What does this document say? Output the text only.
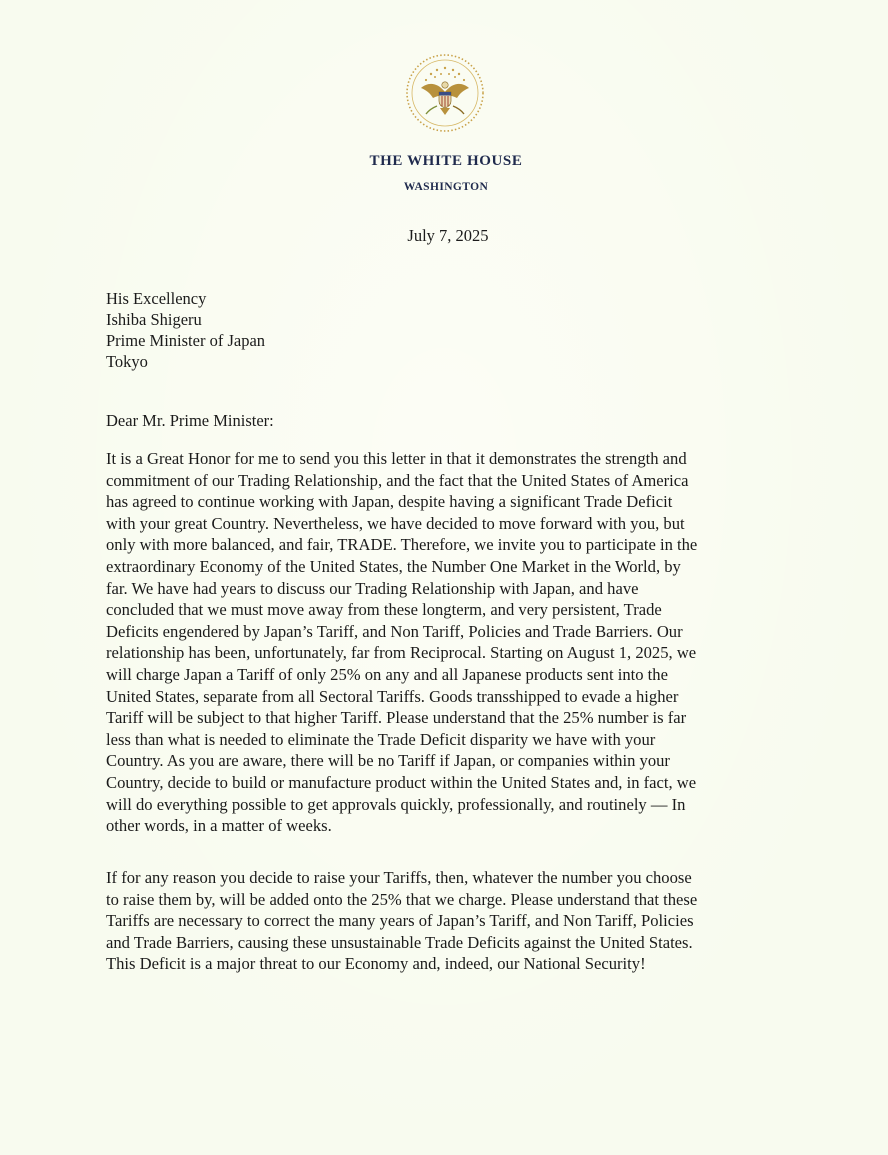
THE WHITE HOUSE
WASHINGTON
July 7, 2025
His Excellency
Ishiba Shigeru
Prime Minister of Japan
Tokyo
Dear Mr. Prime Minister:
It is a Great Honor for me to send you this letter in that it demonstrates the strength and
commitment of our Trading Relationship, and the fact that the United States of America
has agreed to continue working with Japan, despite having a significant Trade Deficit
with your great Country. Nevertheless, we have decided to move forward with you, but
only with more balanced, and fair, TRADE. Therefore, we invite you to participate in the
extraordinary Economy of the United States, the Number One Market in the World, by
far. We have had years to discuss our Trading Relationship with Japan, and have
concluded that we must move away from these longterm, and very persistent, Trade
Deficits engendered by Japan’s Tariff, and Non Tariff, Policies and Trade Barriers. Our
relationship has been, unfortunately, far from Reciprocal. Starting on August 1, 2025, we
will charge Japan a Tariff of only 25% on any and all Japanese products sent into the
United States, separate from all Sectoral Tariffs. Goods transshipped to evade a higher
Tariff will be subject to that higher Tariff. Please understand that the 25% number is far
less than what is needed to eliminate the Trade Deficit disparity we have with your
Country. As you are aware, there will be no Tariff if Japan, or companies within your
Country, decide to build or manufacture product within the United States and, in fact, we
will do everything possible to get approvals quickly, professionally, and routinely — In
other words, in a matter of weeks.
If for any reason you decide to raise your Tariffs, then, whatever the number you choose
to raise them by, will be added onto the 25% that we charge. Please understand that these
Tariffs are necessary to correct the many years of Japan’s Tariff, and Non Tariff, Policies
and Trade Barriers, causing these unsustainable Trade Deficits against the United States.
This Deficit is a major threat to our Economy and, indeed, our National Security!
